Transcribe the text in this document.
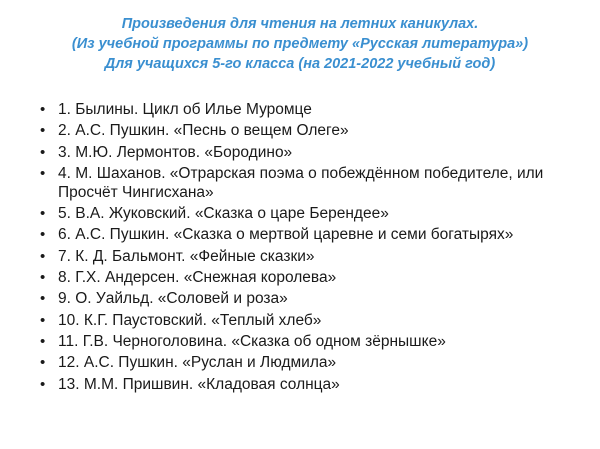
Произведения для чтения на летних каникулах.
(Из учебной программы по предмету «Русская литература»)
Для учащихся 5-го класса (на 2021-2022 учебный год)
• 1. Былины. Цикл об Илье Муромце
• 2. А.С. Пушкин. «Песнь о вещем Олеге»
• 3. М.Ю. Лермонтов. «Бородино»
• 4. М. Шаханов. «Отрарская поэма о побеждённом победителе, или Просчёт Чингисхана»
• 5. В.А. Жуковский. «Сказка о царе Берендее»
• 6. А.С. Пушкин. «Сказка о мертвой царевне и семи богатырях»
• 7. К. Д. Бальмонт. «Фейные сказки»
• 8. Г.Х. Андерсен. «Снежная королева»
• 9. О. Уайльд. «Соловей и роза»
• 10. К.Г. Паустовский. «Теплый хлеб»
• 11. Г.В. Черноголовина. «Сказка об одном зёрнышке»
• 12. А.С. Пушкин. «Руслан и Людмила»
• 13. М.М. Пришвин. «Кладовая солнца»
